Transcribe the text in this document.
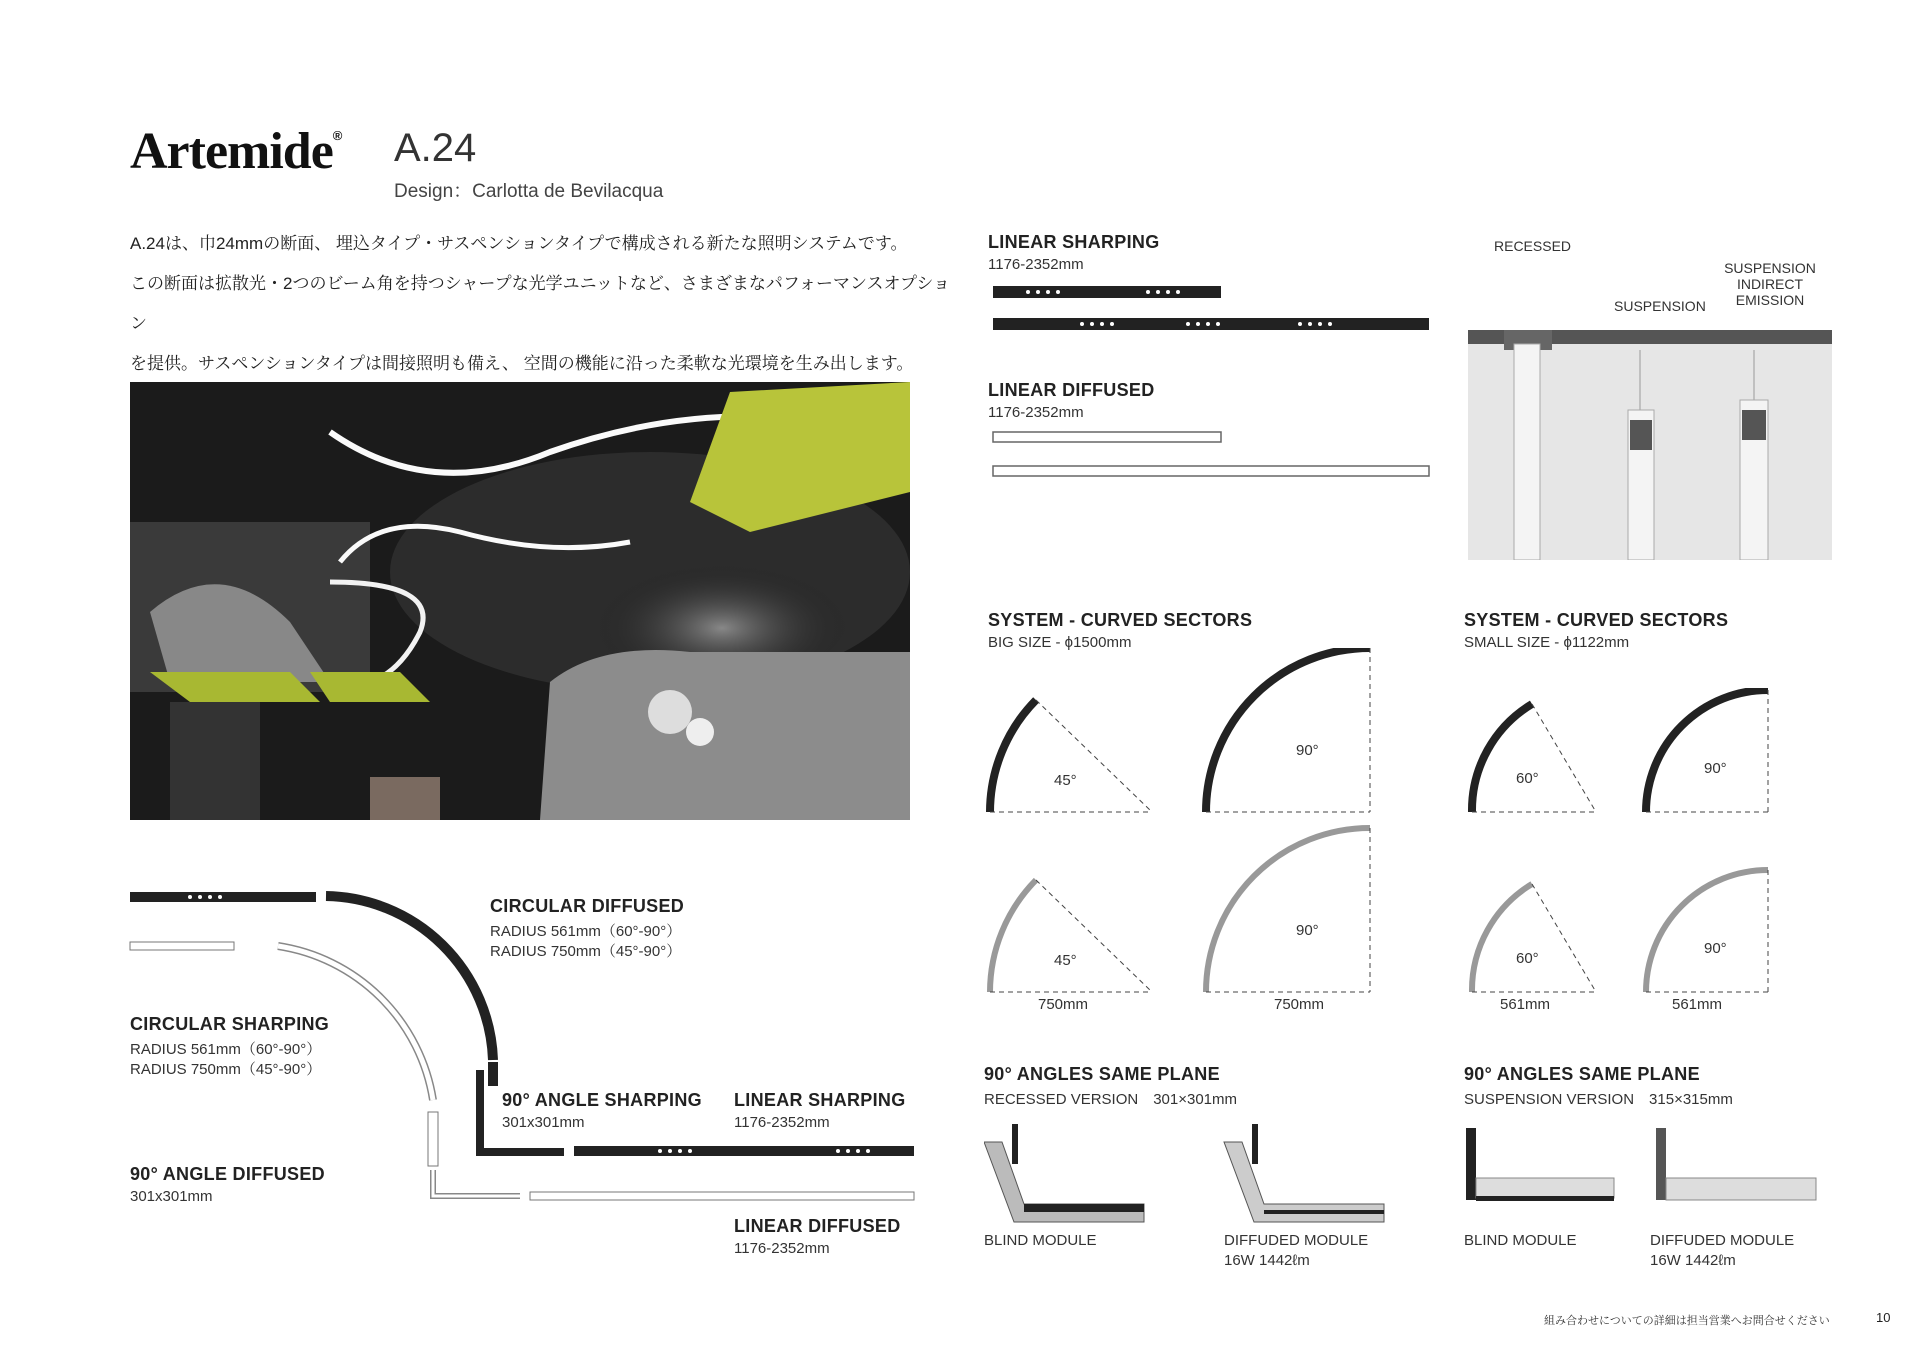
Artemide® A.24
Design：Carlotta de Bevilacqua
A.24は、巾24mmの断面、 埋込タイプ・サスペンションタイプで構成される新たな照明システムです。
この断面は拡散光・2つのビーム角を持つシャープな光学ユニットなど、さまざまなパフォーマンスオプション
を提供。サスペンションタイプは間接照明も備え、 空間の機能に沿った柔軟な光環境を生み出します。
LINEAR SHARPING
1176-2352mm
LINEAR DIFFUSED
1176-2352mm
RECESSED
SUSPENSION
SUSPENSION
INDIRECT
EMISSION
SYSTEM - CURVED SECTORS
BIG SIZE - ϕ1500mm
45°
90°
45°
90°
750mm	750mm
SYSTEM - CURVED SECTORS
SMALL SIZE - ϕ1122mm
60°
90°
60°
90°
561mm	561mm
CIRCULAR DIFFUSED
RADIUS 561mm（60°-90°）
RADIUS 750mm（45°-90°）
CIRCULAR SHARPING
RADIUS 561mm（60°-90°）
RADIUS 750mm（45°-90°）
90° ANGLE SHARPING
301x301mm
LINEAR SHARPING
1176-2352mm
90° ANGLE DIFFUSED
301x301mm
LINEAR DIFFUSED
1176-2352mm
90° ANGLES SAME PLANE
RECESSED VERSION　301×301mm
BLIND MODULE	DIFFUDED MODULE
16W 1442ℓm
90° ANGLES SAME PLANE
SUSPENSION VERSION　315×315mm
BLIND MODULE	DIFFUDED MODULE
16W 1442ℓm
組み合わせについての詳細は担当営業へお問合せください	10
